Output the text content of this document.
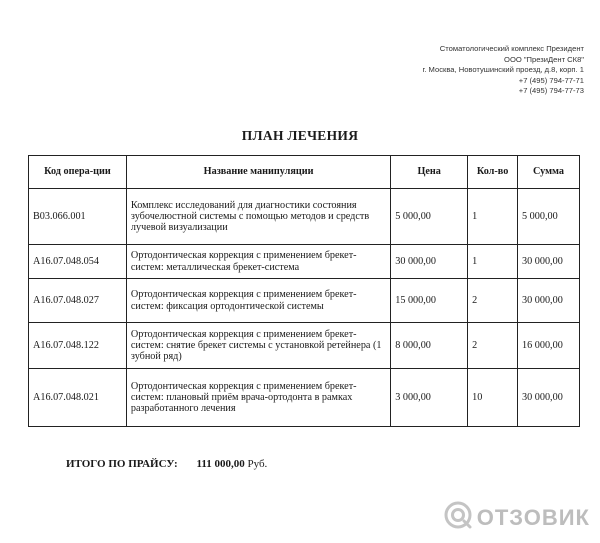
Стоматологический комплекс Президент
ООО "ПрезиДент СК8"
г. Москва, Новотушинский проезд, д.8, корп. 1
+7 (495) 794-77-71
+7 (495) 794-77-73
ПЛАН ЛЕЧЕНИЯ
Код опера-ции	Название манипуляции	Цена	Кол-во	Сумма
B03.066.001	Комплекс исследований для диагностики состояния зубочелюстной системы с помощью методов и средств лучевой визуализации	5 000,00	1	5 000,00
A16.07.048.054	Ортодонтическая коррекция с применением брекет-систем: металлическая брекет-система	30 000,00	1	30 000,00
A16.07.048.027	Ортодонтическая коррекция с применением брекет-систем: фиксация ортодонтической системы	15 000,00	2	30 000,00
A16.07.048.122	Ортодонтическая коррекция с применением брекет-систем: снятие брекет системы с установкой ретейнера (1 зубной ряд)	8 000,00	2	16 000,00
A16.07.048.021	Ортодонтическая коррекция с применением брекет-систем: плановый приём врача-ортодонта в рамках разработанного лечения	3 000,00	10	30 000,00
ИТОГО ПО ПРАЙСУ: 111 000,00 Руб.
ОТЗОВИК
